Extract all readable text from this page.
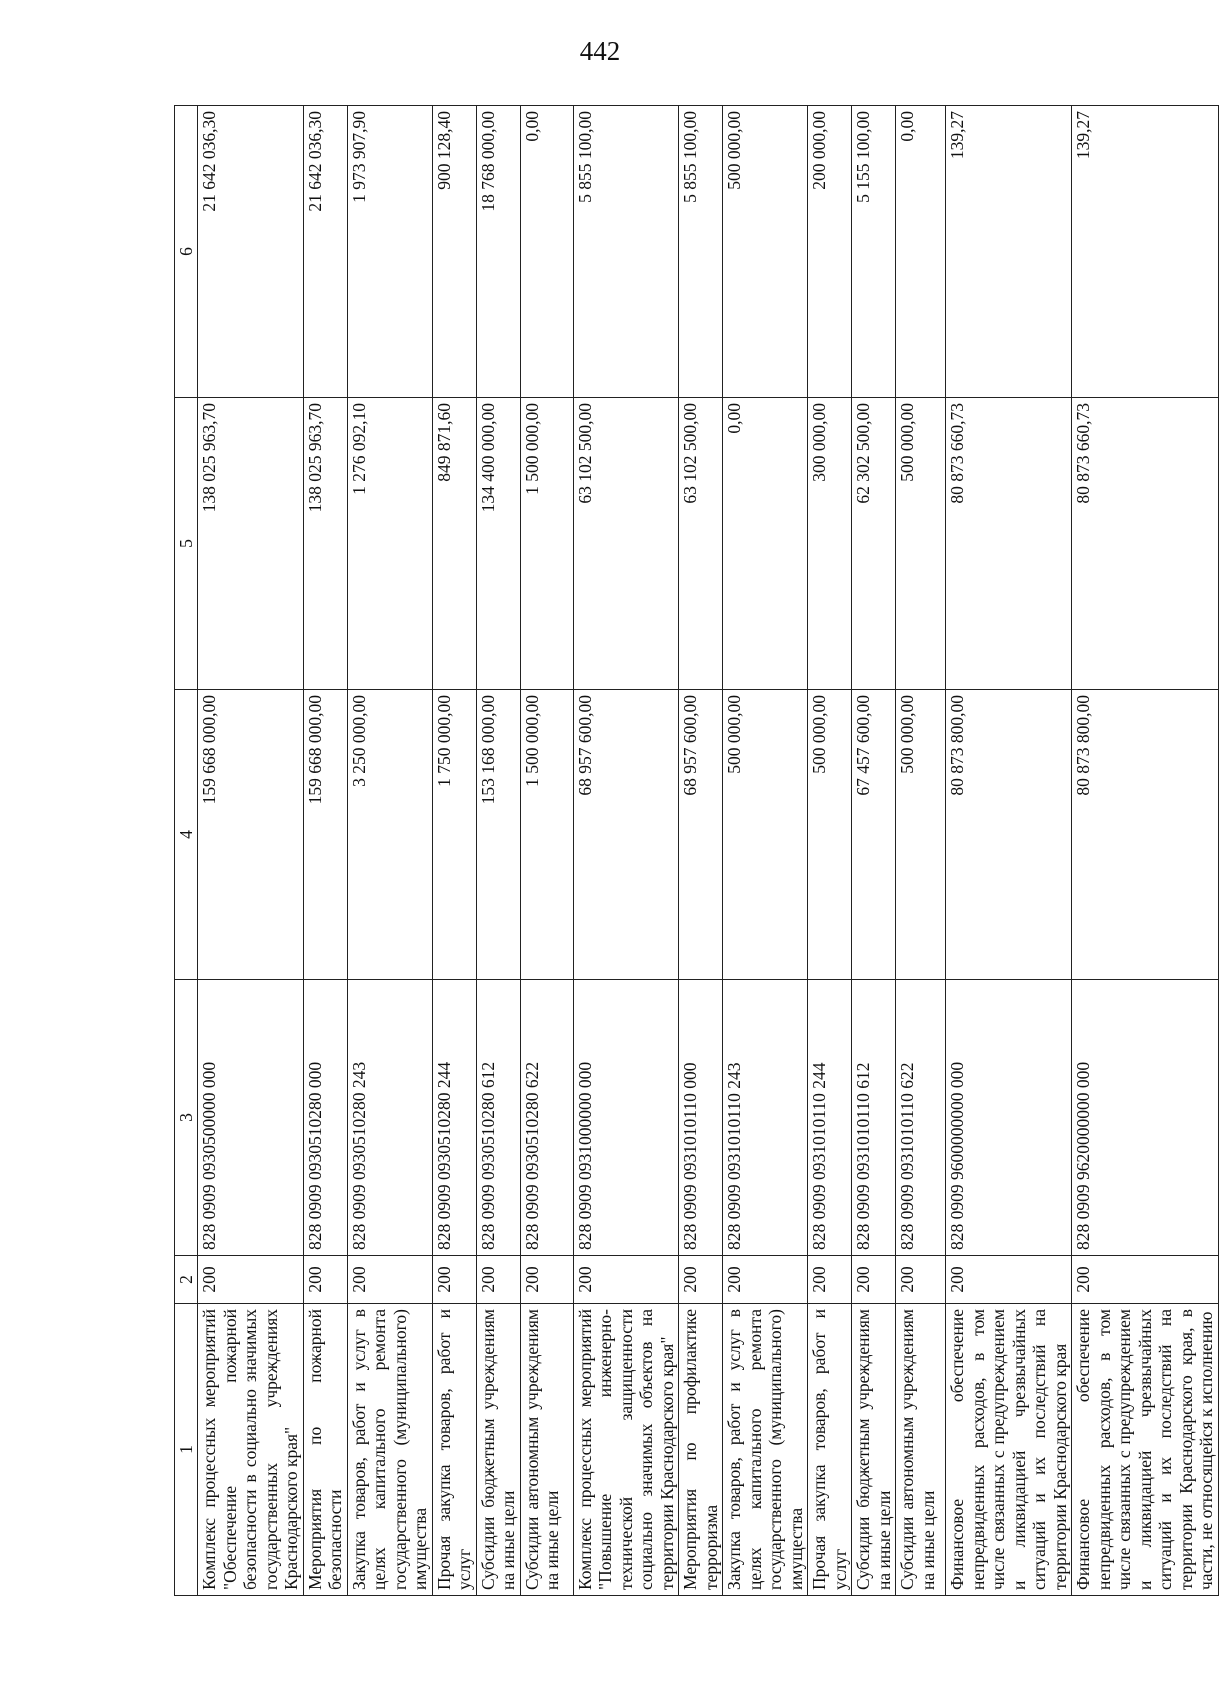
442
1	2	3	4	5	6
Комплекс процессных мероприятий "Обеспечение пожарной безопасности в социально значимых государственных учреждениях Краснодарского края"	200	828 0909 0930500000 000	159 668 000,00	138 025 963,70	21 642 036,30
Мероприятия по пожарной безопасности	200	828 0909 0930510280 000	159 668 000,00	138 025 963,70	21 642 036,30
Закупка товаров, работ и услуг в целях капитального ремонта государственного (муниципального) имущества	200	828 0909 0930510280 243	3 250 000,00	1 276 092,10	1 973 907,90
Прочая закупка товаров, работ и услуг	200	828 0909 0930510280 244	1 750 000,00	849 871,60	900 128,40
Субсидии бюджетным учреждениям на иные цели	200	828 0909 0930510280 612	153 168 000,00	134 400 000,00	18 768 000,00
Субсидии автономным учреждениям на иные цели	200	828 0909 0930510280 622	1 500 000,00	1 500 000,00	0,00
Комплекс процессных мероприятий "Повышение инженерно-технической защищенности социально значимых объектов на территории Краснодарского края"	200	828 0909 0931000000 000	68 957 600,00	63 102 500,00	5 855 100,00
Мероприятия по профилактике терроризма	200	828 0909 0931010110 000	68 957 600,00	63 102 500,00	5 855 100,00
Закупка товаров, работ и услуг в целях капитального ремонта государственного (муниципального) имущества	200	828 0909 0931010110 243	500 000,00	0,00	500 000,00
Прочая закупка товаров, работ и услуг	200	828 0909 0931010110 244	500 000,00	300 000,00	200 000,00
Субсидии бюджетным учреждениям на иные цели	200	828 0909 0931010110 612	67 457 600,00	62 302 500,00	5 155 100,00
Субсидии автономным учреждениям на иные цели	200	828 0909 0931010110 622	500 000,00	500 000,00	0,00
Финансовое обеспечение непредвиденных расходов, в том числе связанных с предупреждением и ликвидацией чрезвычайных ситуаций и их последствий на территории Краснодарского края	200	828 0909 9600000000 000	80 873 800,00	80 873 660,73	139,27
Финансовое обеспечение непредвиденных расходов, в том числе связанных с предупреждением и ликвидацией чрезвычайных ситуаций и их последствий на территории Краснодарского края, в части, не относящейся к исполнению	200	828 0909 9620000000 000	80 873 800,00	80 873 660,73	139,27
